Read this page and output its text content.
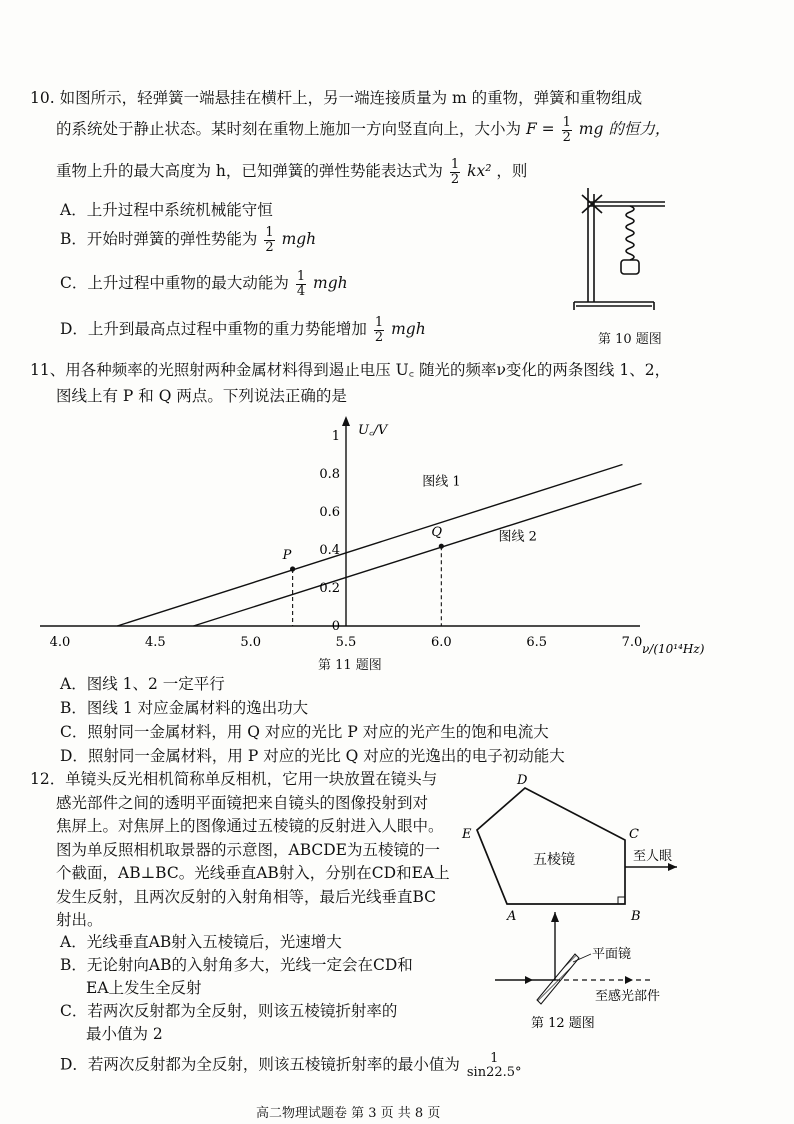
10. 如图所示，轻弹簧一端悬挂在横杆上，另一端连接质量为 m 的重物，弹簧和重物组成
的系统处于静止状态。某时刻在重物上施加一方向竖直向上，大小为 $F = \frac{1}{2}$ mg 的恒力，
重物上升的最大高度为 h，已知弹簧的弹性势能表达式为 $\frac{1}{2} kx^2$ ，则
A．上升过程中系统机械能守恒
B．开始时弹簧的弹性势能为 $\frac{1}{2}$ mgh
C．上升过程中重物的最大动能为 $\frac{1}{4}$ mgh
D．上升到最高点过程中重物的重力势能增加 $\frac{1}{2}$ mgh
第 10 题图
11、用各种频率的光照射两种金属材料得到遏止电压 U꜀ 随光的频率ν变化的两条图线 1、2，
图线上有 P 和 Q 两点。下列说法正确的是
U꜀/V
ν/(10¹⁴Hz)
P
Q
图线 1
图线 2
4.0	4.5	5.0	5.5	6.0	6.5	7.0
0
0.2
0.4
0.6
0.8
1
第 11 题图
A．图线 1、2 一定平行
B．图线 1 对应金属材料的逸出功大
C．照射同一金属材料，用 Q 对应的光比 P 对应的光产生的饱和电流大
D．照射同一金属材料，用 P 对应的光比 Q 对应的光逸出的电子初动能大
12．单镜头反光相机简称单反相机，它用一块放置在镜头与
感光部件之间的透明平面镜把来自镜头的图像投射到对
焦屏上。对焦屏上的图像通过五棱镜的反射进入人眼中。
图为单反照相机取景器的示意图，ABCDE为五棱镜的一
个截面，AB⊥BC。光线垂直AB射入，分别在CD和EA上
发生反射，且两次反射的入射角相等，最后光线垂直BC
射出。
A．光线垂直AB射入五棱镜后，光速增大
B．无论射向AB的入射角多大，光线一定会在CD和
EA上发生全反射
C．若两次反射都为全反射，则该五棱镜折射率的
最小值为 2
D．若两次反射都为全反射，则该五棱镜折射率的最小值为	1
sin22.5°
A	B
C
D
E
五棱镜	至人眼
平面镜
至感光部件
第 12 题图
高二物理试题卷 第 3 页 共 8 页
